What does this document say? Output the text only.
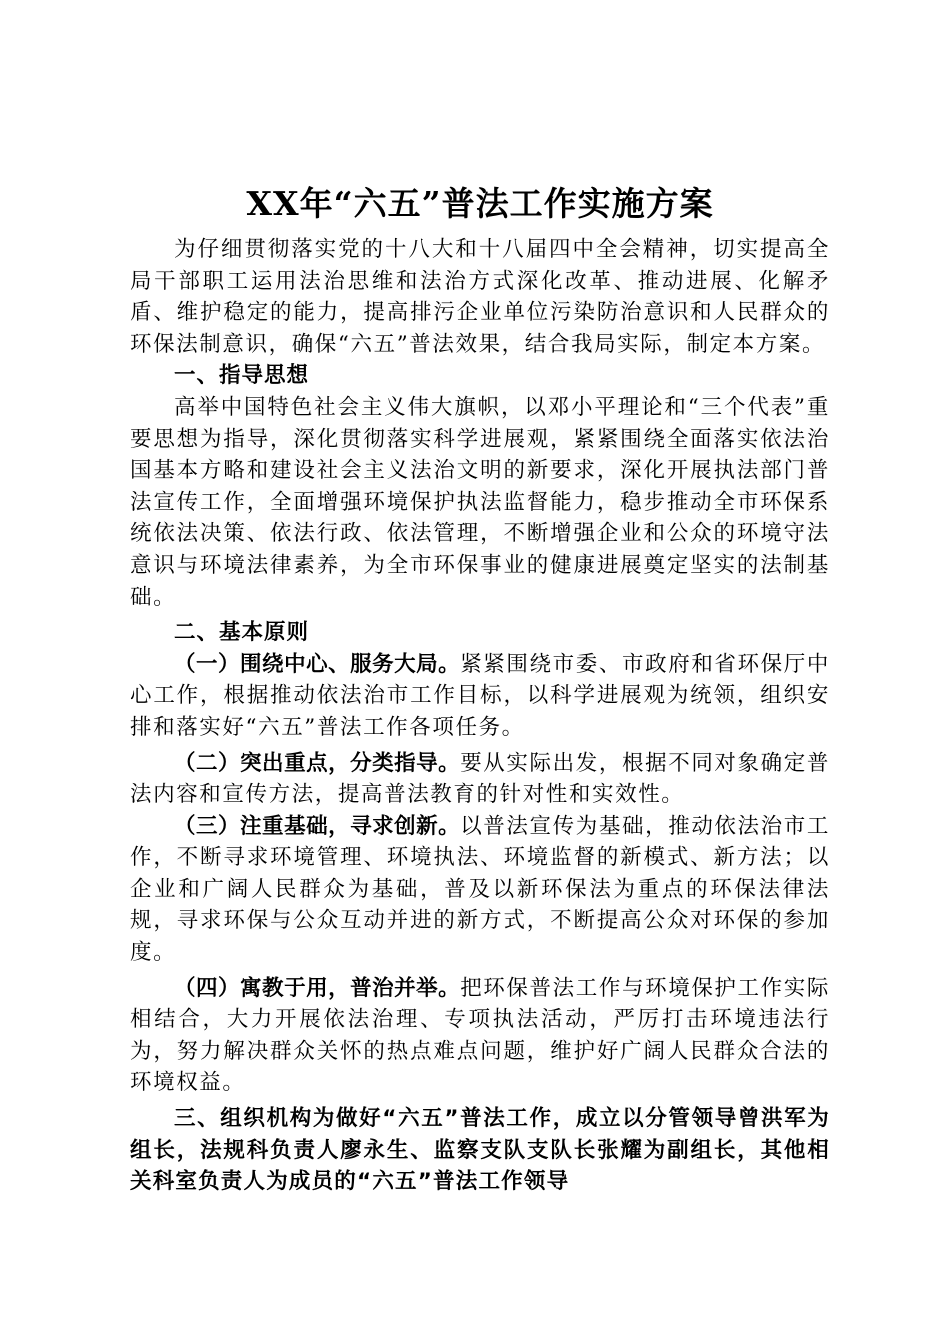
XX年“六五”普法工作实施方案

为仔细贯彻落实党的十八大和十八届四中全会精神，切实提高全局干部职工运用法治思维和法治方式深化改革、推动进展、化解矛盾、维护稳定的能力，提高排污企业单位污染防治意识和人民群众的环保法制意识，确保“六五”普法效果，结合我局实际，制定本方案。

一、指导思想

高举中国特色社会主义伟大旗帜，以邓小平理论和“三个代表”重要思想为指导，深化贯彻落实科学进展观，紧紧围绕全面落实依法治国基本方略和建设社会主义法治文明的新要求，深化开展执法部门普法宣传工作，全面增强环境保护执法监督能力，稳步推动全市环保系统依法决策、依法行政、依法管理，不断增强企业和公众的环境守法意识与环境法律素养，为全市环保事业的健康进展奠定坚实的法制基础。

二、基本原则

（一）围绕中心、服务大局。紧紧围绕市委、市政府和省环保厅中心工作，根据推动依法治市工作目标，以科学进展观为统领，组织安排和落实好“六五”普法工作各项任务。

（二）突出重点，分类指导。要从实际出发，根据不同对象确定普法内容和宣传方法，提高普法教育的针对性和实效性。

（三）注重基础，寻求创新。以普法宣传为基础，推动依法治市工作，不断寻求环境管理、环境执法、环境监督的新模式、新方法；以企业和广阔人民群众为基础，普及以新环保法为重点的环保法律法规，寻求环保与公众互动并进的新方式，不断提高公众对环保的参加度。

（四）寓教于用，普治并举。把环保普法工作与环境保护工作实际相结合，大力开展依法治理、专项执法活动，严厉打击环境违法行为，努力解决群众关怀的热点难点问题，维护好广阔人民群众合法的环境权益。

三、组织机构为做好“六五”普法工作，成立以分管领导曾洪军为组长，法规科负责人廖永生、监察支队支队长张耀为副组长，其他相关科室负责人为成员的“六五”普法工作领导
